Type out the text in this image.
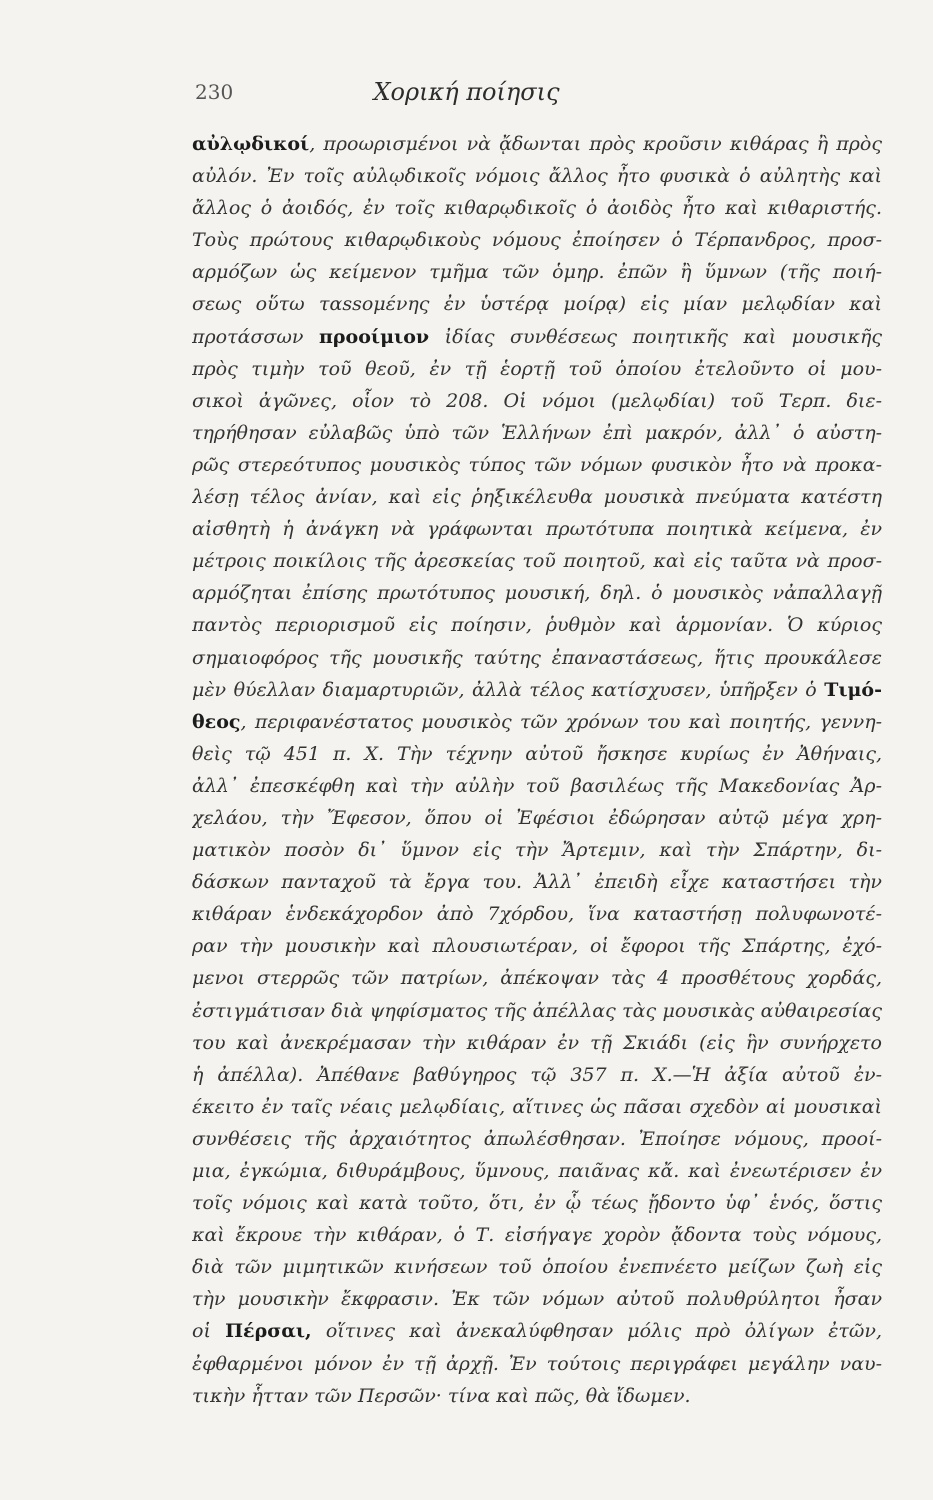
230	Χορική ποίησις
αὐλῳδικοί, προωρισμένοι νὰ ᾄδωνται πρὸς κροῦσιν κιθάρας ἢ πρὸς
αὐλόν. Ἐν τοῖς αὐλῳδικοῖς νόμοις ἄλλος ἦτο φυσικὰ ὁ αὐλητὴς καὶ
ἄλλος ὁ ἀοιδός, ἐν τοῖς κιθαρῳδικοῖς ὁ ἀοιδὸς ἦτο καὶ κιθαριστής.
Τοὺς πρώτους κιθαρῳδικοὺς νόμους ἐποίησεν ὁ Τέρπανδρος, προσ-
αρμόζων ὡς κείμενον τμῆμα τῶν ὁμηρ. ἐπῶν ἢ ὕμνων (τῆς ποιή-
σεως οὕτω ταssoμένης ἐν ὑστέρᾳ μοίρᾳ) εἰς μίαν μελῳδίαν καὶ
προτάσσων προοίμιον ἰδίας συνθέσεως ποιητικῆς καὶ μουσικῆς
πρὸς τιμὴν τοῦ θεοῦ, ἐν τῇ ἑορτῇ τοῦ ὁποίου ἐτελοῦντο οἱ μου-
σικοὶ ἀγῶνες, οἷον τὸ 208. Οἱ νόμοι (μελῳδίαι) τοῦ Τερπ. διε-
τηρήθησαν εὐλαβῶς ὑπὸ τῶν Ἑλλήνων ἐπὶ μακρόν, ἀλλ᾽ ὁ αὐστη-
ρῶς στερεότυπος μουσικὸς τύπος τῶν νόμων φυσικὸν ἦτο νὰ προκα-
λέσῃ τέλος ἀνίαν, καὶ εἰς ῥηξικέλευθα μουσικὰ πνεύματα κατέστη
αἰσθητὴ ἡ ἀνάγκη νὰ γράφωνται πρωτότυπα ποιητικὰ κείμενα, ἐν
μέτροις ποικίλοις τῆς ἀρεσκείας τοῦ ποιητοῦ, καὶ εἰς ταῦτα νὰ προσ-
αρμόζηται ἐπίσης πρωτότυπος μουσική, δηλ. ὁ μουσικὸς νἀπαλλαγῇ
παντὸς περιορισμοῦ εἰς ποίησιν, ῥυθμὸν καὶ ἁρμονίαν. Ὁ κύριος
σημαιοφόρος τῆς μουσικῆς ταύτης ἐπαναστάσεως, ἥτις προυκάλεσε
μὲν θύελλαν διαμαρτυριῶν, ἀλλὰ τέλος κατίσχυσεν, ὑπῆρξεν ὁ Τιμό-
θεος, περιφανέστατος μουσικὸς τῶν χρόνων του καὶ ποιητής, γεννη-
θεὶς τῷ 451 π. Χ. Τὴν τέχνην αὐτοῦ ἤσκησε κυρίως ἐν Ἀθήναις,
ἀλλ᾽ ἐπεσκέφθη καὶ τὴν αὐλὴν τοῦ βασιλέως τῆς Μακεδονίας Ἀρ-
χελάου, τὴν Ἔφεσον, ὅπου οἱ Ἐφέσιοι ἐδώρησαν αὐτῷ μέγα χρη-
ματικὸν ποσὸν δι᾽ ὕμνον εἰς τὴν Ἄρτεμιν, καὶ τὴν Σπάρτην, δι-
δάσκων πανταχοῦ τὰ ἔργα του. Ἀλλ᾽ ἐπειδὴ εἶχε καταστήσει τὴν
κιθάραν ἑνδεκάχορδον ἀπὸ 7χόρδου, ἵνα καταστήσῃ πολυφωνοτέ-
ραν τὴν μουσικὴν καὶ πλουσιωτέραν, οἱ ἔφοροι τῆς Σπάρτης, ἐχό-
μενοι στερρῶς τῶν πατρίων, ἀπέκοψαν τὰς 4 προσθέτους χορδάς,
ἐστιγμάτισαν διὰ ψηφίσματος τῆς ἀπέλλας τὰς μουσικὰς αὐθαιρεσίας
του καὶ ἀνεκρέμασαν τὴν κιθάραν ἐν τῇ Σκιάδι (εἰς ἣν συνήρχετο
ἡ ἀπέλλα). Ἀπέθανε βαθύγηρος τῷ 357 π. Χ.—Ἡ ἀξία αὐτοῦ ἐν-
έκειτο ἐν ταῖς νέαις μελῳδίαις, αἵτινες ὡς πᾶσαι σχεδὸν αἱ μουσικαὶ
συνθέσεις τῆς ἀρχαιότητος ἀπωλέσθησαν. Ἐποίησε νόμους, προοί-
μια, ἐγκώμια, διθυράμβους, ὕμνους, παιᾶνας κἄ. καὶ ἐνεωτέρισεν ἐν
τοῖς νόμοις καὶ κατὰ τοῦτο, ὅτι, ἐν ᾧ τέως ᾔδοντο ὑφ᾽ ἑνός, ὅστις
καὶ ἔκρουε τὴν κιθάραν, ὁ Τ. εἰσήγαγε χορὸν ᾄδοντα τοὺς νόμους,
διὰ τῶν μιμητικῶν κινήσεων τοῦ ὁποίου ἐνεπνέετο μείζων ζωὴ εἰς
τὴν μουσικὴν ἔκφρασιν. Ἐκ τῶν νόμων αὐτοῦ πολυθρύλητοι ἦσαν
οἱ Πέρσαι, οἵτινες καὶ ἀνεκαλύφθησαν μόλις πρὸ ὀλίγων ἐτῶν,
ἐφθαρμένοι μόνον ἐν τῇ ἀρχῇ. Ἐν τούτοις περιγράφει μεγάλην ναυ-
τικὴν ἧτταν τῶν Περσῶν· τίνα καὶ πῶς, θὰ ἴδωμεν.
